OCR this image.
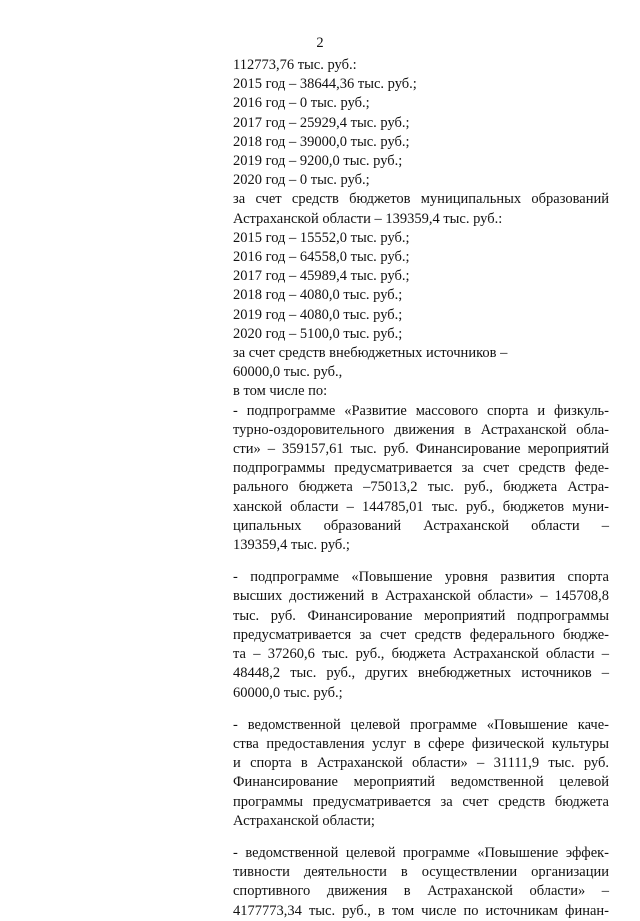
2
112773,76 тыс. руб.:
2015 год – 38644,36 тыс. руб.;
2016 год – 0 тыс. руб.;
2017 год – 25929,4 тыс. руб.;
2018 год – 39000,0 тыс. руб.;
2019 год – 9200,0 тыс. руб.;
2020 год – 0 тыс. руб.;
за счет средств бюджетов муниципальных образований
Астраханской области – 139359,4 тыс. руб.:
2015 год – 15552,0 тыс. руб.;
2016 год – 64558,0 тыс. руб.;
2017 год – 45989,4 тыс. руб.;
2018 год – 4080,0 тыс. руб.;
2019 год – 4080,0 тыс. руб.;
2020 год – 5100,0 тыс. руб.;
за счет средств внебюджетных источников –
60000,0 тыс. руб.,
в том числе по:
- подпрограмме «Развитие массового спорта и физкуль-
турно-оздоровительного движения в Астраханской обла-
сти» – 359157,61 тыс. руб. Финансирование мероприятий
подпрограммы предусматривается за счет средств феде-
рального бюджета –75013,2 тыс. руб., бюджета Астра-
ханской области – 144785,01 тыс. руб., бюджетов муни-
ципальных образований Астраханской области –
139359,4 тыс. руб.;
- подпрограмме «Повышение уровня развития спорта
высших достижений в Астраханской области» – 145708,8
тыс. руб. Финансирование мероприятий подпрограммы
предусматривается за счет средств федерального бюдже-
та – 37260,6 тыс. руб., бюджета Астраханской области –
48448,2 тыс. руб., других внебюджетных источников –
60000,0 тыс. руб.;
- ведомственной целевой программе «Повышение каче-
ства предоставления услуг в сфере физической культуры
и спорта в Астраханской области» – 31111,9 тыс. руб.
Финансирование мероприятий ведомственной целевой
программы предусматривается за счет средств бюджета
Астраханской области;
- ведомственной целевой программе «Повышение эффек-
тивности деятельности в осуществлении организации
спортивного движения в Астраханской области» –
4177773,34 тыс. руб., в том числе по источникам финан-
